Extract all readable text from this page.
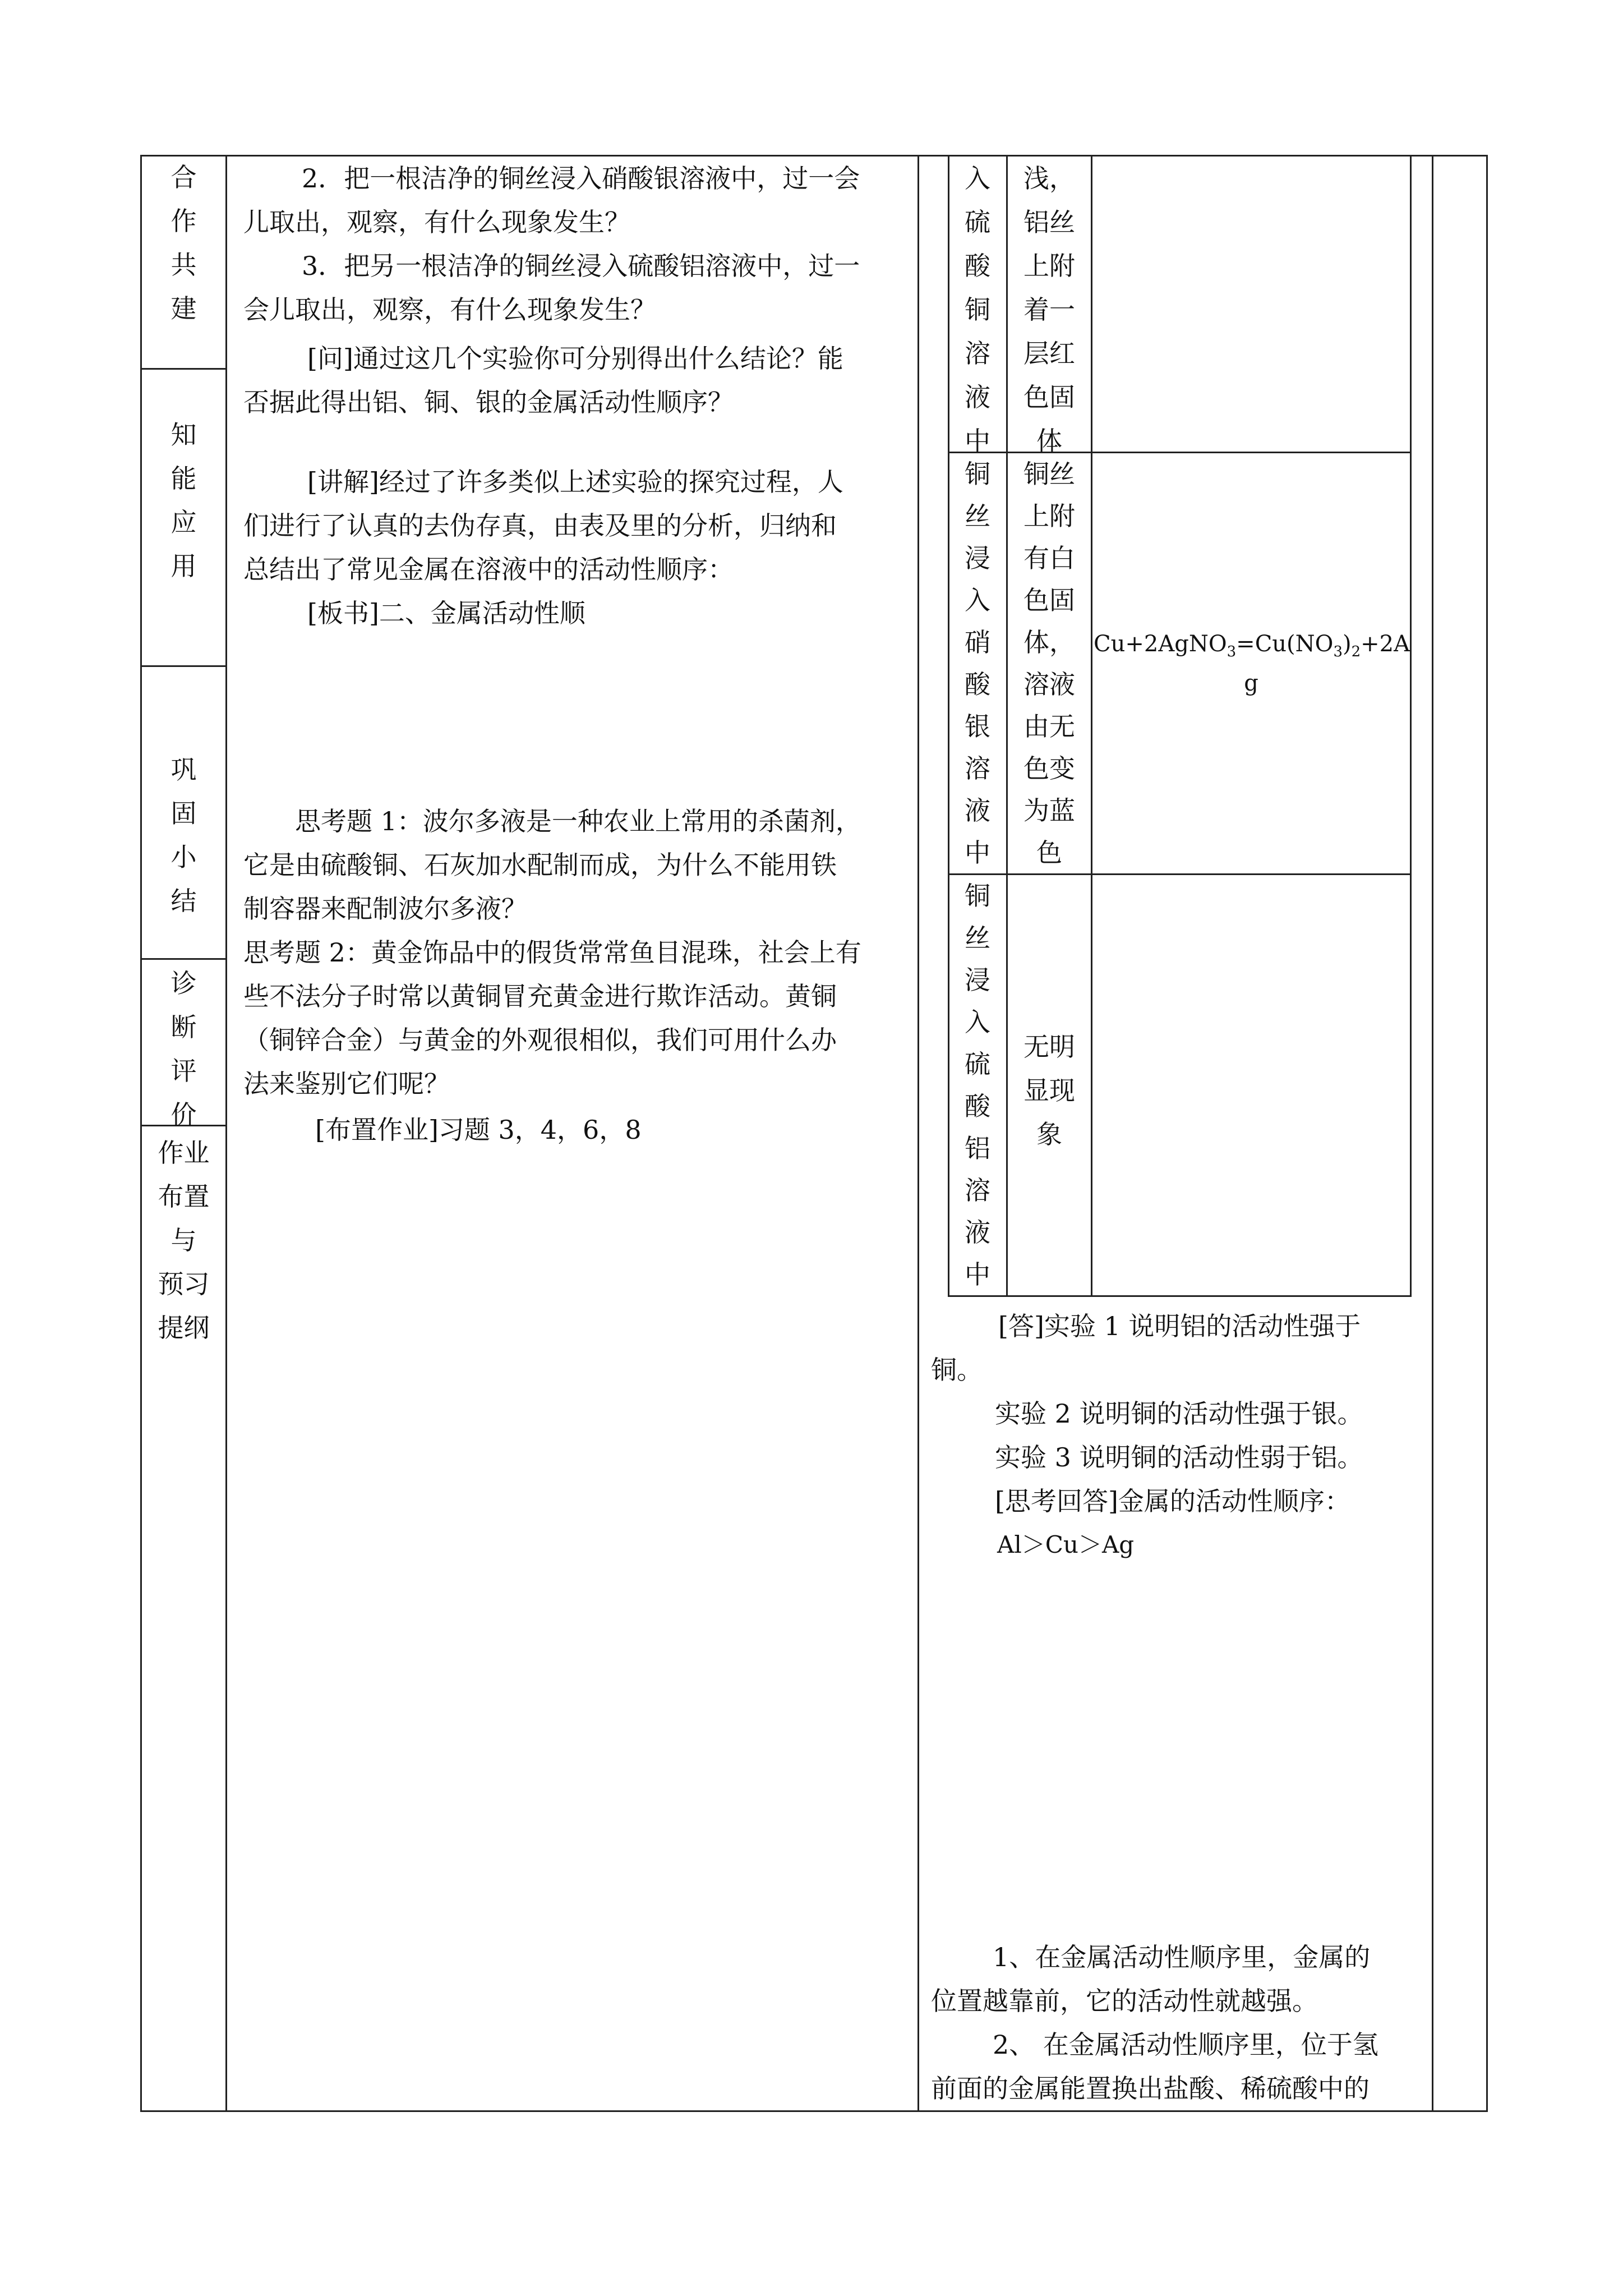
合
作
共
建
知
能
应
用
巩
固
小
结
诊
断
评
价
作业
布置
与
预习
提纲
2．把一根洁净的铜丝浸入硝酸银溶液中，过一会
儿取出，观察，有什么现象发生？
3．把另一根洁净的铜丝浸入硫酸铝溶液中，过一
会儿取出，观察，有什么现象发生？
[问]通过这几个实验你可分别得出什么结论？能
否据此得出铝、铜、银的金属活动性顺序？
[讲解]经过了许多类似上述实验的探究过程，人
们进行了认真的去伪存真，由表及里的分析，归纳和
总结出了常见金属在溶液中的活动性顺序：
[板书]二、金属活动性顺
思考题 1：波尔多液是一种农业上常用的杀菌剂，
它是由硫酸铜、石灰加水配制而成，为什么不能用铁
制容器来配制波尔多液？
思考题 2：黄金饰品中的假货常常鱼目混珠，社会上有
些不法分子时常以黄铜冒充黄金进行欺诈活动。黄铜
（铜锌合金）与黄金的外观很相似，我们可用什么办
法来鉴别它们呢？
[布置作业]习题 3，4，6，8
入
硫
酸
铜
溶
液
中
浅，
铝丝
上附
着一
层红
色固
体
铜
丝
浸
入
硝
酸
银
溶
液
中
铜丝
上附
有白
色固
体，
溶液
由无
色变
为蓝
色
$Cu+2AgNO_3=Cu(NO_3)_2+2A$
g
铜
丝
浸
入
硫
酸
铝
溶
液
中
无明
显现
象
[答]实验 1 说明铝的活动性强于
铜。
实验 2 说明铜的活动性强于银。
实验 3 说明铜的活动性弱于铝。
[思考回答]金属的活动性顺序：
Al＞Cu＞Ag
1、在金属活动性顺序里，金属的
位置越靠前，它的活动性就越强。
2、 在金属活动性顺序里，位于氢
前面的金属能置换出盐酸、稀硫酸中的
